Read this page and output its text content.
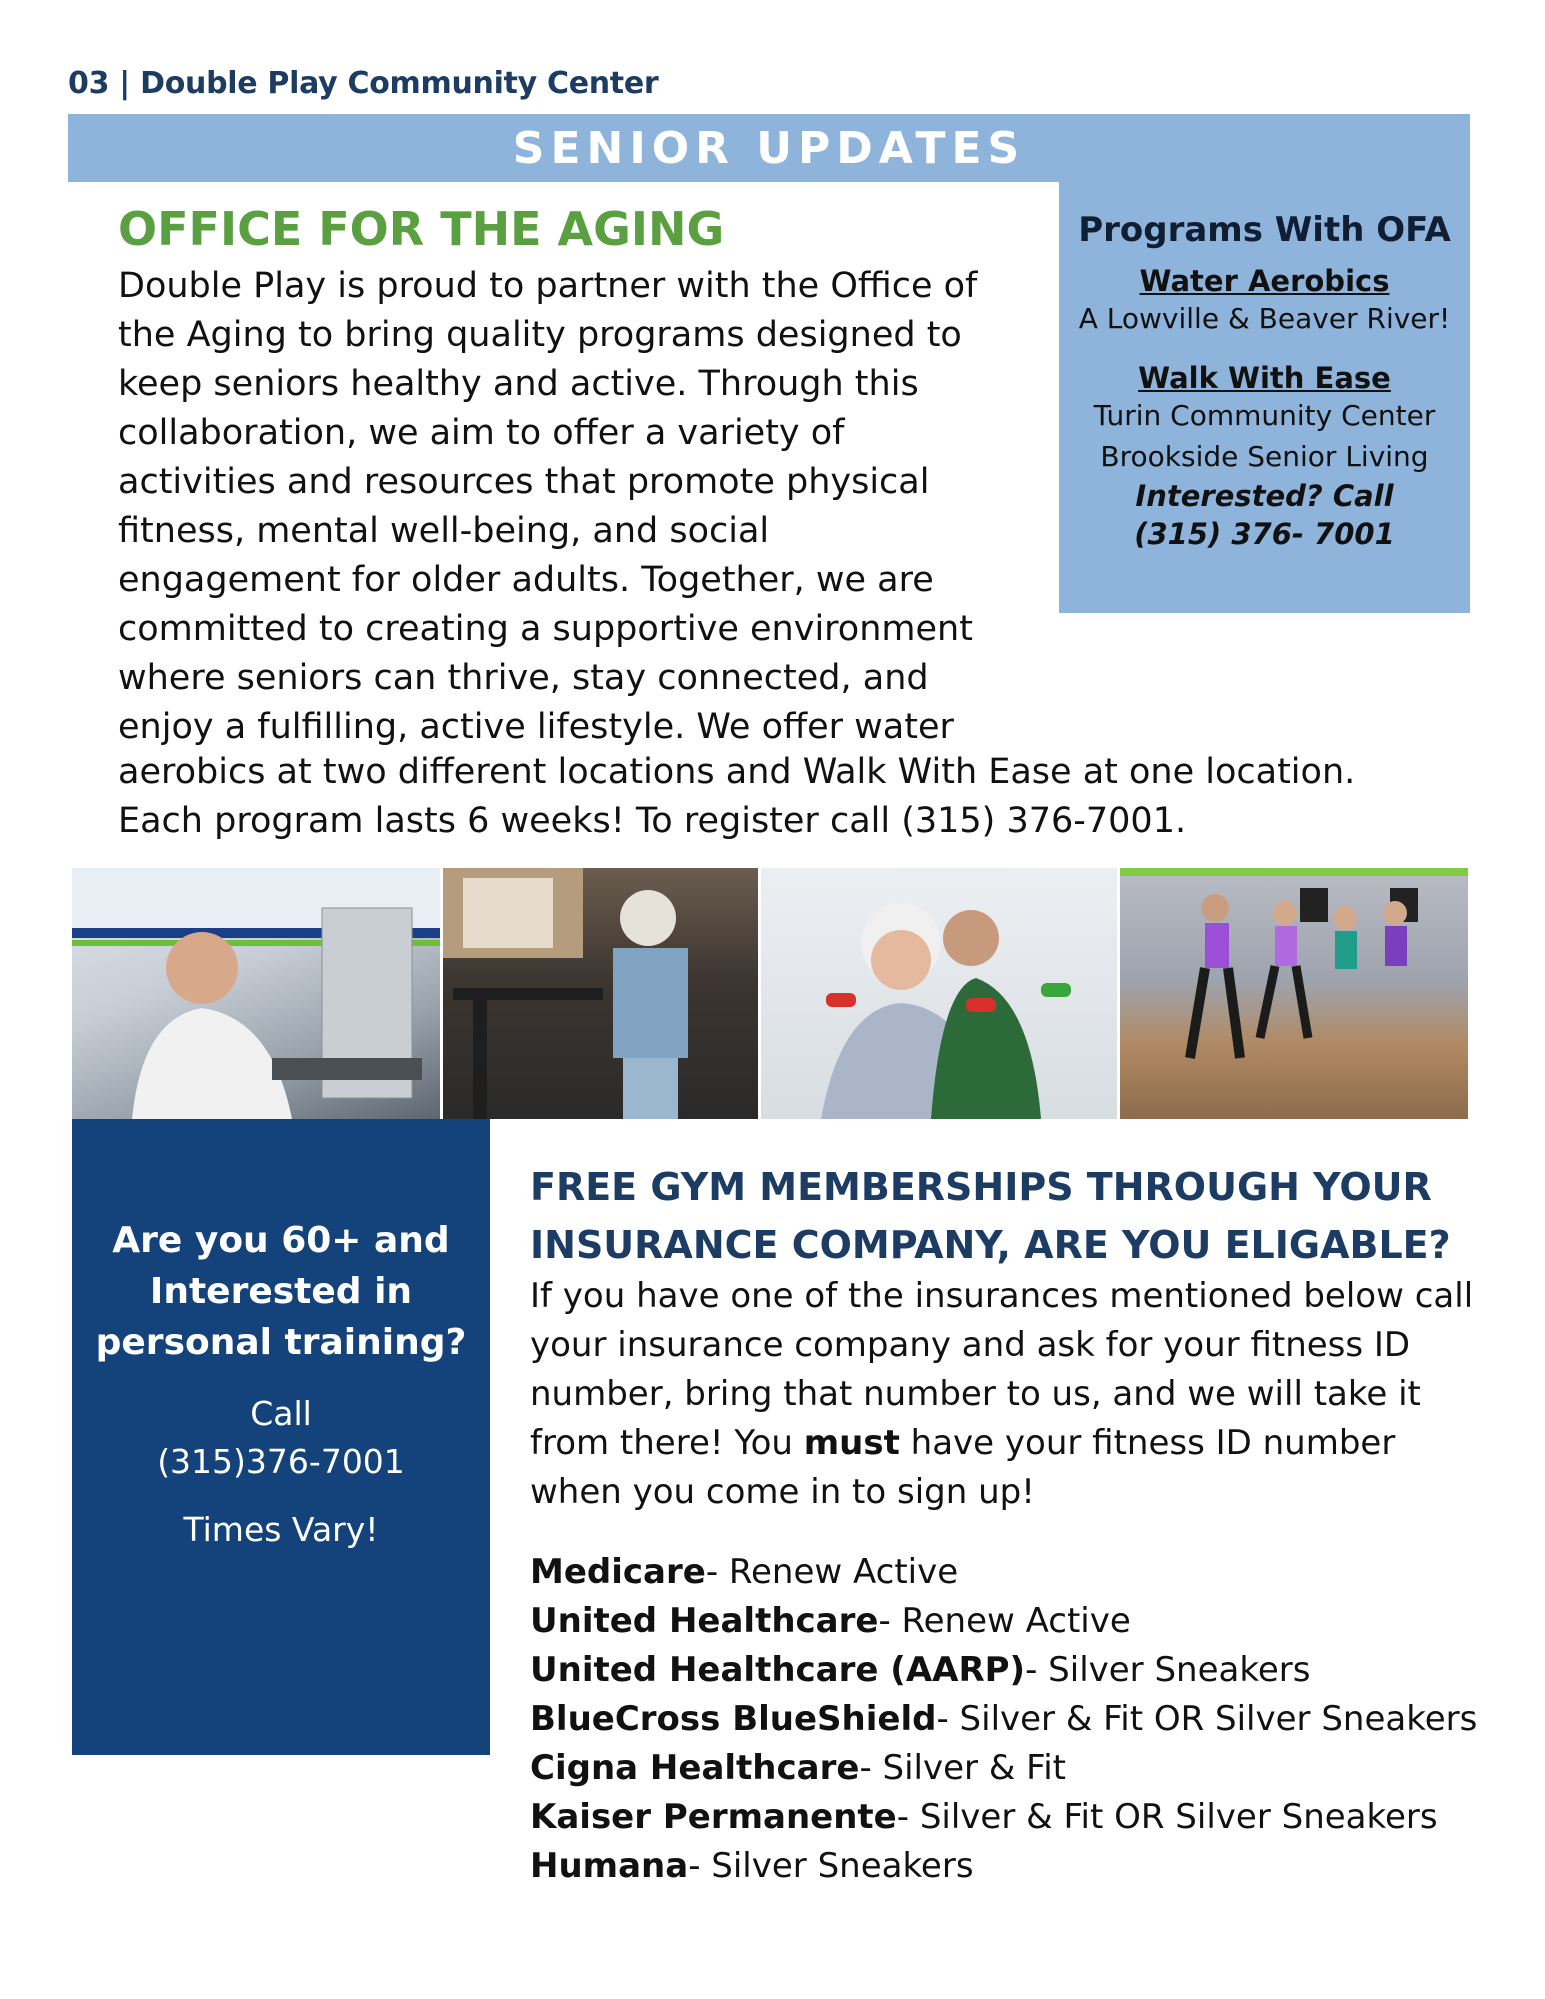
03 | Double Play Community Center
SENIOR UPDATES
OFFICE FOR THE AGING

Double Play is proud to partner with the Office of
the Aging to bring quality programs designed to
keep seniors healthy and active. Through this
collaboration, we aim to offer a variety of
activities and resources that promote physical
fitness, mental well-being, and social
engagement for older adults. Together, we are
committed to creating a supportive environment
where seniors can thrive, stay connected, and
enjoy a fulfilling, active lifestyle. We offer water
aerobics at two different locations and Walk With Ease at one location.
Each program lasts 6 weeks! To register call (315) 376-7001.

Programs With OFA
Water Aerobics
A Lowville & Beaver River!
Walk With Ease
Turin Community Center
Brookside Senior Living
Interested? Call
(315) 376- 7001
Are you 60+ and
Interested in
personal training?
Call
(315)376-7001
Times Vary!
FREE GYM MEMBERSHIPS THROUGH YOUR
INSURANCE COMPANY, ARE YOU ELIGABLE?

If you have one of the insurances mentioned below call your insurance company and ask for your fitness ID number, bring that number to us, and we will take it from there! You must have your fitness ID number when you come in to sign up!

Medicare- Renew Active
United Healthcare- Renew Active
United Healthcare (AARP)- Silver Sneakers
BlueCross BlueShield- Silver & Fit OR Silver Sneakers
Cigna Healthcare- Silver & Fit
Kaiser Permanente- Silver & Fit OR Silver Sneakers
Humana- Silver Sneakers
